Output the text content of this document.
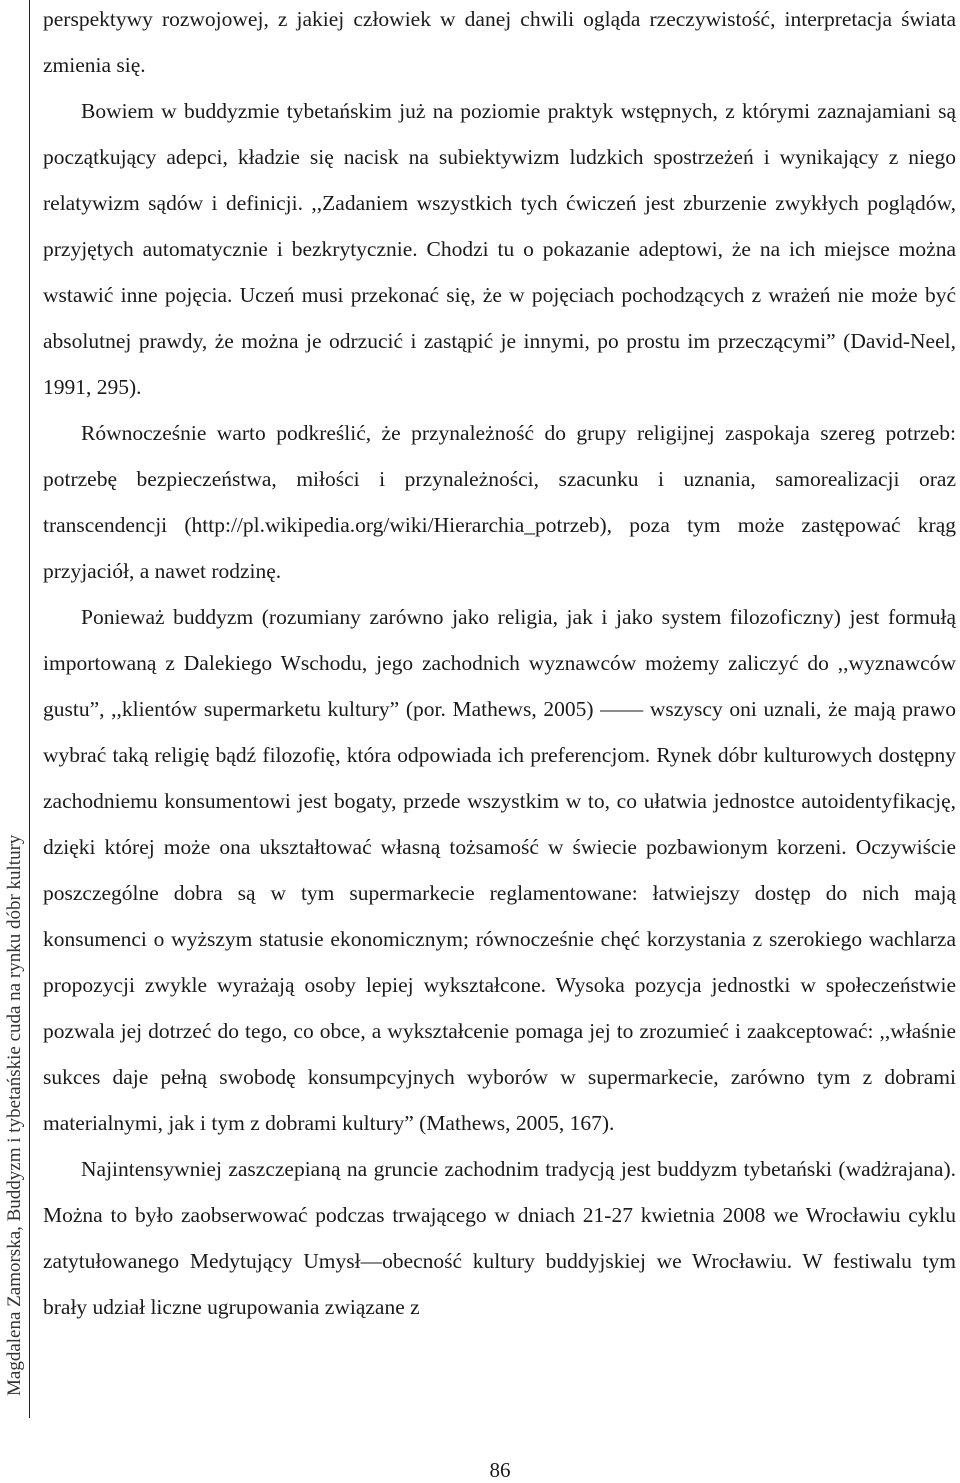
Magdalena Zamorska, Buddyzm i tybetańskie cuda na rynku dóbr kultury

perspektywy rozwojowej, z jakiej człowiek w danej chwili ogląda rzeczywistość, interpretacja świata zmienia się.

Bowiem w buddyzmie tybetańskim już na poziomie praktyk wstępnych, z którymi zaznajamiani są początkujący adepci, kładzie się nacisk na subiektywizm ludzkich spostrzeżeń i wynikający z niego relatywizm sądów i definicji. ,,Zadaniem wszystkich tych ćwiczeń jest zburzenie zwykłych poglądów, przyjętych automatycznie i bezkrytycznie. Chodzi tu o pokazanie adeptowi, że na ich miejsce można wstawić inne pojęcia. Uczeń musi przekonać się, że w pojęciach pochodzących z wrażeń nie może być absolutnej prawdy, że można je odrzucić i zastąpić je innymi, po prostu im przeczącymi” (David-Neel, 1991, 295).

Równocześnie warto podkreślić, że przynależność do grupy religijnej zaspokaja szereg potrzeb: potrzebę bezpieczeństwa, miłości i przynależności, szacunku i uznania, samorealizacji oraz transcendencji (http://pl.wikipedia.org/wiki/Hierarchia_potrzeb), poza tym może zastępować krąg przyjaciół, a nawet rodzinę.

Ponieważ buddyzm (rozumiany zarówno jako religia, jak i jako system filozoficzny) jest formułą importowaną z Dalekiego Wschodu, jego zachodnich wyznawców możemy zaliczyć do ,,wyznawców gustu”, ,,klientów supermarketu kultury” (por. Mathews, 2005) —— wszyscy oni uznali, że mają prawo wybrać taką religię bądź filozofię, która odpowiada ich preferencjom. Rynek dóbr kulturowych dostępny zachodniemu konsumentowi jest bogaty, przede wszystkim w to, co ułatwia jednostce autoidentyfikację, dzięki której może ona ukształtować własną tożsamość w świecie pozbawionym korzeni. Oczywiście poszczególne dobra są w tym supermarkecie reglamentowane: łatwiejszy dostęp do nich mają konsumenci o wyższym statusie ekonomicznym; równocześnie chęć korzystania z szerokiego wachlarza propozycji zwykle wyrażają osoby lepiej wykształcone. Wysoka pozycja jednostki w społeczeństwie pozwala jej dotrzeć do tego, co obce, a wykształcenie pomaga jej to zrozumieć i zaakceptować: ,,właśnie sukces daje pełną swobodę konsumpcyjnych wyborów w supermarkecie, zarówno tym z dobrami materialnymi, jak i tym z dobrami kultury” (Mathews, 2005, 167).

Najintensywniej zaszczepianą na gruncie zachodnim tradycją jest buddyzm tybetański (wadżrajana). Można to było zaobserwować podczas trwającego w dniach 21-27 kwietnia 2008 we Wrocławiu cyklu zatytułowanego Medytujący Umysł—obecność kultury buddyjskiej we Wrocławiu. W festiwalu tym brały udział liczne ugrupowania związane z

86
